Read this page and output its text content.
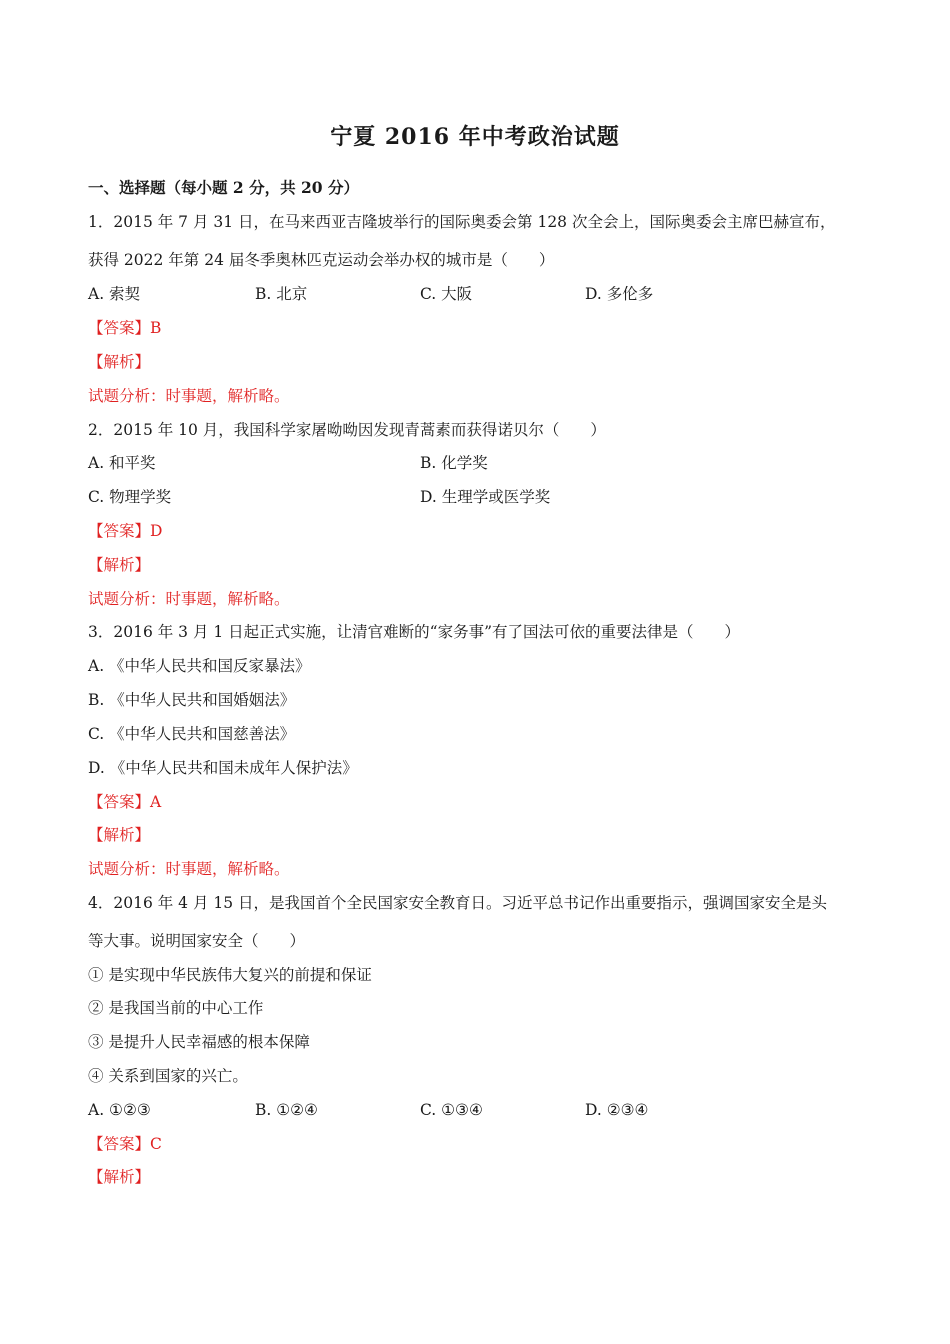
宁夏 2016 年中考政治试题
一、选择题（每小题 2 分，共 20 分）
1．2015 年 7 月 31 日，在马来西亚吉隆坡举行的国际奥委会第 128 次全会上，国际奥委会主席巴赫宣布，
获得 2022 年第 24 届冬季奥林匹克运动会举办权的城市是（　　）
A. 索契	B. 北京	C. 大阪	D. 多伦多
【答案】B
【解析】
试题分析：时事题，解析略。
2．2015 年 10 月，我国科学家屠呦呦因发现青蒿素而获得诺贝尔（　　）
A. 和平奖	B. 化学奖
C. 物理学奖	D. 生理学或医学奖
【答案】D
【解析】
试题分析：时事题，解析略。
3．2016 年 3 月 1 日起正式实施，让清官难断的“家务事”有了国法可依的重要法律是（　　）
A. 《中华人民共和国反家暴法》
B. 《中华人民共和国婚姻法》
C. 《中华人民共和国慈善法》
D. 《中华人民共和国未成年人保护法》
【答案】A
【解析】
试题分析：时事题，解析略。
4．2016 年 4 月 15 日，是我国首个全民国家安全教育日。习近平总书记作出重要指示，强调国家安全是头
等大事。说明国家安全（　　）
① 是实现中华民族伟大复兴的前提和保证
② 是我国当前的中心工作
③ 是提升人民幸福感的根本保障
④ 关系到国家的兴亡。
A. ①②③	B. ①②④	C. ①③④	D. ②③④
【答案】C
【解析】
